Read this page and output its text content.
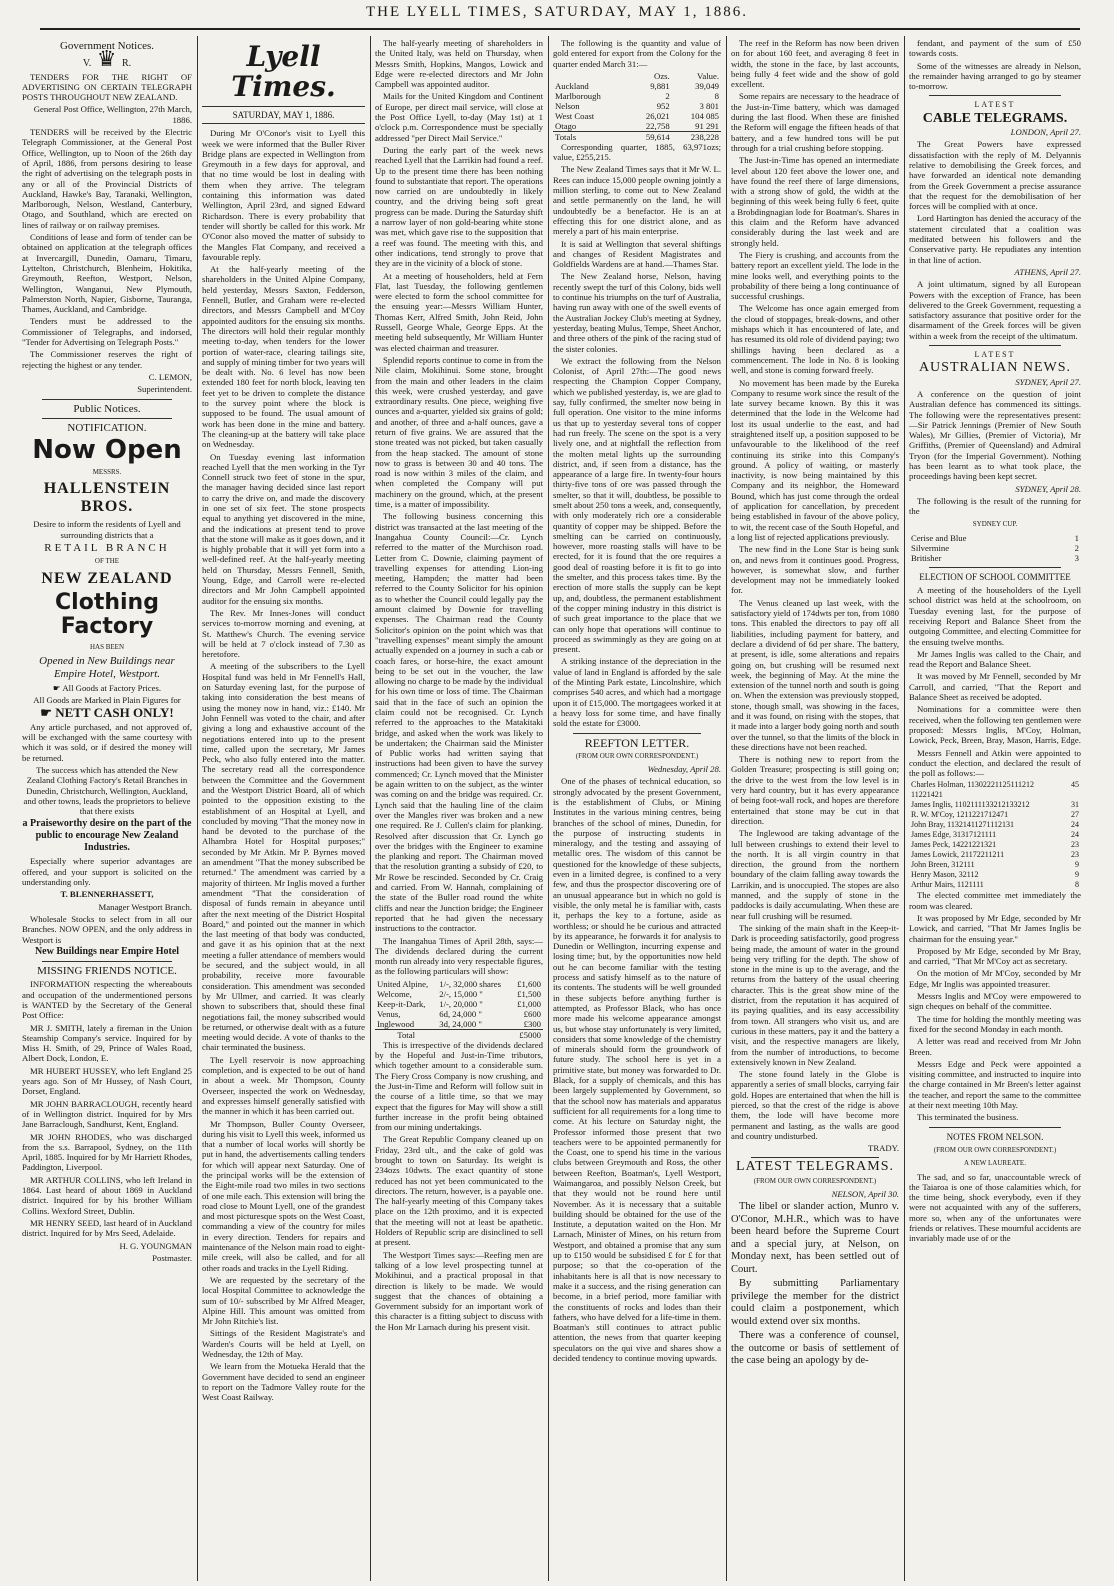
THE LYELL TIMES, SATURDAY, MAY 1, 1886.
Government Notices.
V. ♛ R.

TENDERS FOR THE RIGHT OF ADVERTISING ON CERTAIN TELEGRAPH POSTS THROUGHOUT NEW ZEALAND.

General Post Office, Wellington, 27th March, 1886.

TENDERS will be received by the Electric Telegraph Commissioner, at the General Post Office, Wellington, up to Noon of the 26th day of April, 1886, from persons desiring to lease the right of advertising on the telegraph posts in any or all of the Provincial Districts of Auckland, Hawke's Bay, Taranaki, Wellington, Marlborough, Nelson, Westland, Canterbury, Otago, and Southland, which are erected on lines of railway or on railway premises.

Conditions of lease and form of tender can be obtained on application at the telegraph offices at Invercargill, Dunedin, Oamaru, Timaru, Lyttelton, Christchurch, Blenheim, Hokitika, Greymouth, Reefton, Westport, Nelson, Wellington, Wanganui, New Plymouth, Palmerston North, Napier, Gisborne, Tauranga, Thames, Auckland, and Cambridge.

Tenders must be addressed to the Commissioner of Telegraphs, and indorsed, "Tender for Advertising on Telegraph Posts."

The Commissioner reserves the right of rejecting the highest or any tender.

C. LEMON,

Superintendent.

Public Notices.
NOTIFICATION.
Now Open
MESSRS.
HALLENSTEIN BROS.

Desire to inform the residents of Lyell and surrounding districts that a

RETAIL BRANCH
OF THE
NEW ZEALAND
Clothing Factory
HAS BEEN

Opened in New Buildings near Empire Hotel, Westport.

☛ All Goods at Factory Prices.

All Goods are Marked in Plain Figures for

☛ NETT CASH ONLY!

Any article purchased, and not approved of, will be exchanged with the same courtesy with which it was sold, or if desired the money will be returned.

The success which has attended the New Zealand Clothing Factory's Retail Branches in Dunedin, Christchurch, Wellington, Auckland, and other towns, leads the proprietors to believe that there exists

a Praiseworthy desire on the part of the public to encourage New Zealand Industries.

Especially where superior advantages are offered, and your support is solicited on the understanding only.

T. BLENNERHASSETT,

Manager Westport Branch.

Wholesale Stocks to select from in all our Branches. NOW OPEN, and the only address in Westport is

New Buildings near Empire Hotel

MISSING FRIENDS NOTICE.

INFORMATION respecting the whereabouts and occupation of the undermentioned persons is WANTED by the Secretary of the General Post Office:

MR J. SMITH, lately a fireman in the Union Steamship Company's service. Inquired for by Miss H. Smith, of 29, Prince of Wales Road, Albert Dock, London, E.

MR HUBERT HUSSEY, who left England 25 years ago. Son of Mr Hussey, of Nash Court, Dorset, England.

MR JOHN BARRACLOUGH, recently heard of in Wellington district. Inquired for by Mrs Jane Barraclough, Sandhurst, Kent, England.

MR JOHN RHODES, who was discharged from the s.s. Barrapool, Sydney, on the 11th April, 1885. Inquired for by Mr Harriett Rhodes, Paddington, Liverpool.

MR ARTHUR COLLINS, who left Ireland in 1864. Last heard of about 1869 in Auckland district. Inquired for by his brother William Collins. Wexford Street, Dublin.

MR HENRY SEED, last heard of in Auckland district. Inquired for by Mrs Seed, Adelaide.

H. G. YOUNGMAN

Postmaster.

Lyell Times.
SATURDAY, MAY 1, 1886.

During Mr O'Conor's visit to Lyell this week we were informed that the Buller River Bridge plans are expected in Wellington from Greymouth in a few days for approval, and that no time would be lost in dealing with them when they arrive. The telegram containing this information was dated Wellington, April 23rd, and signed Edward Richardson. There is every probability that tender will shortly be called for this work. Mr O'Conor also moved the matter of subsidy to the Mangles Flat Company, and received a favourable reply.

At the half-yearly meeting of the shareholders in the United Alpine Company, held yesterday, Messrs Saxton, Fedderson, Fennell, Butler, and Graham were re-elected directors, and Messrs Campbell and M'Coy appointed auditors for the ensuing six months. The directors will hold their regular monthly meeting to-day, when tenders for the lower portion of water-race, clearing tailings site, and supply of mining timber for two years will be dealt with. No. 6 level has now been extended 180 feet for north block, leaving ten feet yet to be driven to complete the distance to the survey point where the block is supposed to be found. The usual amount of work has been done in the mine and battery. The cleaning-up at the battery will take place on Wednesday.

On Tuesday evening last information reached Lyell that the men working in the Tyr Connell struck two feet of stone in the spur, the manager having decided since last report to carry the drive on, and made the discovery in one set of six feet. The stone prospects equal to anything yet discovered in the mine, and the indications at present tend to prove that the stone will make as it goes down, and it is highly probable that it will yet form into a well-defined reef. At the half-yearly meeting held on Thursday, Messrs Fennell, Smith, Young, Edge, and Carroll were re-elected directors and Mr John Campbell appointed auditor for the ensuing six months.

The Rev. Mr Innes-Jones will conduct services to-morrow morning and evening, at St. Matthew's Church. The evening service will be held at 7 o'clock instead of 7.30 as heretofore.

A meeting of the subscribers to the Lyell Hospital fund was held in Mr Fennell's Hall, on Saturday evening last, for the purpose of taking into consideration the best means of using the money now in hand, viz.: £140. Mr John Fennell was voted to the chair, and after giving a long and exhaustive account of the negotiations entered into up to the present time, called upon the secretary, Mr James Peck, who also fully entered into the matter. The secretary read all the correspondence between the Committee and the Government and the Westport District Board, all of which pointed to the opposition existing to the establishment of an Hospital at Lyell, and concluded by moving "That the money now in hand be devoted to the purchase of the Alhambra Hotel for Hospital purposes;" seconded by Mr Atkin. Mr P. Byrnes moved an amendment "That the money subscribed be returned." The amendment was carried by a majority of thirteen. Mr Inglis moved a further amendment "That the consideration of disposal of funds remain in abeyance until after the next meeting of the District Hospital Board," and pointed out the manner in which the last meeting of that body was conducted, and gave it as his opinion that at the next meeting a fuller attendance of members would be secured, and the subject would, in all probability, receive more favourable consideration. This amendment was seconded by Mr Ullmer, and carried. It was clearly shown to subscribers that, should these final negotiations fail, the money subscribed would be returned, or otherwise dealt with as a future meeting would decide. A vote of thanks to the chair terminated the business.

The Lyell reservoir is now approaching completion, and is expected to be out of hand in about a week. Mr Thompson, County Overseer, inspected the work on Wednesday, and expresses himself generally satisfied with the manner in which it has been carried out.

Mr Thompson, Buller County Overseer, during his visit to Lyell this week, informed us that a number of local works will shortly be put in hand, the advertisements calling tenders for which will appear next Saturday. One of the principal works will be the extension of the Eight-mile road two miles in two sections of one mile each. This extension will bring the road close to Mount Lyell, one of the grandest and most picturesque spots on the West Coast, commanding a view of the country for miles in every direction. Tenders for repairs and maintenance of the Nelson main road to eight-mile creek, will also be called, and for all other roads and tracks in the Lyell Riding.

We are requested by the secretary of the local Hospital Committee to acknowledge the sum of 10/- subscribed by Mr Alfred Meager, Alpine Hill. This amount was omitted from Mr John Ritchie's list.

Sittings of the Resident Magistrate's and Warden's Courts will be held at Lyell, on Wednesday, the 12th of May.

We learn from the Motueka Herald that the Government have decided to send an engineer to report on the Tadmore Valley route for the West Coast Railway.

The half-yearly meeting of shareholders in the United Italy, was held on Thursday, when Messrs Smith, Hopkins, Mangos, Lowick and Edge were re-elected directors and Mr John Campbell was appointed auditor.

Mails for the United Kingdom and Continent of Europe, per direct mail service, will close at the Post Office Lyell, to-day (May 1st) at 1 o'clock p.m. Correspondence must be specially addressed "per Direct Mail Service."

During the early part of the week news reached Lyell that the Larrikin had found a reef. Up to the present time there has been nothing found to substantiate that report. The operations now carried on are undoubtedly in likely country, and the driving being soft great progress can be made. During the Saturday shift a narrow layer of non gold-bearing white stone was met, which gave rise to the supposition that a reef was found. The meeting with this, and other indications, tend strongly to prove that they are in the vicinity of a block of stone.

At a meeting of householders, held at Fern Flat, last Tuesday, the following gentlemen were elected to form the school committee for the ensuing year:—Messrs William Hunter, Thomas Kerr, Alfred Smith, John Reid, John Russell, George Whale, George Epps. At the meeting held subsequently, Mr William Hunter was elected chairman and treasurer.

Splendid reports continue to come in from the Nile claim, Mokihinui. Some stone, brought from the main and other leaders in the claim this week, were crushed yesterday, and gave extraordinary results. One piece, weighing five ounces and a-quarter, yielded six grains of gold; and another, of three and a-half ounces, gave a return of five grains. We are assured that the stone treated was not picked, but taken casually from the heap stacked. The amount of stone now to grass is between 30 and 40 tons. The road is now within 3 miles of the claim, and when completed the Company will put machinery on the ground, which, at the present time, is a matter of impossibility.

The following business concerning this district was transacted at the last meeting of the Inangahua County Council:—Cr. Lynch referred to the matter of the Murchison road. Letter from C. Downie, claiming payment of travelling expenses for attending Lion-ing meeting, Hampden; the matter had been referred to the County Solicitor for his opinion as to whether the Council could legally pay the amount claimed by Downie for travelling expenses. The Chairman read the County Solicitor's opinion on the point which was that "travelling expenses" meant simply the amount actually expended on a journey in such a cab or coach fares, or horse-hire, the exact amount being to be set out in the voucher, the law allowing no charge to be made by the individual for his own time or loss of time. The Chairman said that in the face of such an opinion the claim could not be recognised. Cr. Lynch referred to the approaches to the Matakitaki bridge, and asked when the work was likely to be undertaken; the Chairman said the Minister of Public works had written saying that instructions had been given to have the survey commenced; Cr. Lynch moved that the Minister be again written to on the subject, as the winter was coming on and the bridge was required. Cr. Lynch said that the hauling line of the claim over the Mangles river was broken and a new one required. Re J. Cullen's claim for planking. Resolved after discussion that Cr. Lynch go over the bridges with the Engineer to examine the planking and report. The Chairman moved that the resolution granting a subsidy of £20, to Mr Rowe be rescinded. Seconded by Cr. Craig and carried. From W. Hannah, complaining of the state of the Buller road round the white cliffs and near the Junction bridge; the Engineer reported that he had given the necessary instructions to the contractor.

The Inangahua Times of April 28th, says:—The dividends declared during the current month run already into very respectable figures, as the following particulars will show:

United Alpine,	1/-, 32,000 shares	£1,600
Welcome,	2/-, 15,000 "	£1,500
Keep-it-Dark,	1/-, 20,000 "	£1,000
Venus,	6d, 24,000 "	£600
Inglewood	3d, 24,000 "	£300
Total		£5000

This is irrespective of the dividends declared by the Hopeful and Just-in-Time tributors, which together amount to a considerable sum. The Fiery Cross Company is now crushing, and the Just-in-Time and Reform will follow suit in the course of a little time, so that we may expect that the figures for May will show a still further increase in the profit being obtained from our mining undertakings.

The Great Republic Company cleaned up on Friday, 23rd ult., and the cake of gold was brought to town on Saturday. Its weight is 234ozs 10dwts. The exact quantity of stone reduced has not yet been communicated to the directors. The return, however, is a payable one. The half-yearly meeting of this Company takes place on the 12th proximo, and it is expected that the meeting will not at least be apathetic. Holders of Republic scrip are disinclined to sell at present.

The Westport Times says:—Reefing men are talking of a low level prospecting tunnel at Mokihinui, and a practical proposal in that direction is likely to be made. We would suggest that the chances of obtaining a Government subsidy for an important work of this character is a fitting subject to discuss with the Hon Mr Larnach during his present visit.

The following is the quantity and value of gold entered for export from the Colony for the quarter ended March 31:—

	Ozs.	Value.
Auckland	9,881	39,049
Marlborough	2	8
Nelson	952	3 801
West Coast	26,021	104 085
Otago	22,758	91 291
Totals	59,614	238,228

Corresponding quarter, 1885, 63,971ozs; value, £255,215.

The New Zealand Times says that it Mr W. L. Rees can induce 15,000 people owning jointly a million sterling, to come out to New Zealand and settle permanently on the land, he will undoubtedly be a benefactor. He is an at effecting this for one district alone, and as merely a part of his main enterprise.

It is said at Wellington that several shiftings and changes of Resident Magistrates and Goldfields Wardens are at hand.—Thames Star.

The New Zealand horse, Nelson, having recently swept the turf of this Colony, bids well to continue his triumphs on the turf of Australia, having run away with one of the swell events of the Australian Jockey Club's meeting at Sydney, yesterday, beating Mulus, Tempe, Sheet Anchor, and three others of the pink of the racing stud of the sister colonies.

We extract the following from the Nelson Colonist, of April 27th:—The good news respecting the Champion Copper Company, which we published yesterday, is, we are glad to say, fully confirmed, the smelter now being in full operation. One visitor to the mine informs us that up to yesterday several tons of copper had run freely. The scene on the spot is a very lively one, and at nightfall the reflection from the molten metal lights up the surrounding district, and, if seen from a distance, has the appearance of a large fire. In twenty-four hours thirty-five tons of ore was passed through the smelter, so that it will, doubtless, be possible to smelt about 250 tons a week, and, consequently, with only moderately rich ore a considerable quantity of copper may be shipped. Before the smelting can be carried on continuously, however, more roasting stalls will have to be erected, for it is found that the ore requires a good deal of roasting before it is fit to go into the smelter, and this process takes time. By the erection of more stalls the supply can be kept up, and, doubtless, the permanent establishment of the copper mining industry in this district is of such great importance to the place that we can only hope that operations will continue to proceed as swimmingly as they are going on at present.

A striking instance of the depreciation in the value of land in England is afforded by the sale of the Minting Park estate, Lincolnshire, which comprises 540 acres, and which had a mortgage upon it of £15,000. The mortgagees worked it at a heavy loss for some time, and have finally sold the estate for £3000.

REEFTON LETTER.
(FROM OUR OWN CORRESPONDENT.)

Wednesday, April 28.

One of the phases of technical education, so strongly advocated by the present Government, is the establishment of Clubs, or Mining Institutes in the various mining centres, being branches of the school of mines, Dunedin, for the purpose of instructing students in mineralogy, and the testing and assaying of metallic ores. The wisdom of this cannot be questioned for the knowledge of these subjects, even in a limited degree, is confined to a very few, and thus the prospector discovering ore of an unusual appearance but in which no gold is visible, the only metal he is familiar with, casts it, perhaps the key to a fortune, aside as worthless; or should he be curious and attracted by its appearance, he forwards it for analysis to Dunedin or Wellington, incurring expense and losing time; but, by the opportunities now held out he can become familiar with the testing process and satisfy himself as to the nature of its contents. The students will be well grounded in these subjects before anything further is attempted, as Professor Black, who has once more made his welcome appearance amongst us, but whose stay unfortunately is very limited, considers that some knowledge of the chemistry of minerals should form the groundwork of future study. The school here is yet in a primitive state, but money was forwarded to Dr. Black, for a supply of chemicals, and this has been largely supplemented by Government, so that the school now has materials and apparatus sufficient for all requirements for a long time to come. At his lecture on Saturday night, the Professor informed those present that two teachers were to be appointed permanently for the Coast, one to spend his time in the various clubs between Greymouth and Ross, the other between Reefton, Boatman's, Lyell Westport, Waimangaroa, and possibly Nelson Creek, but that they would not be round here until November. As it is necessary that a suitable building should be obtained for the use of the Institute, a deputation waited on the Hon. Mr Larnach, Minister of Mines, on his return from Westport, and obtained a promise that any sum up to £150 would be subsidised £ for £ for that purpose; so that the co-operation of the inhabitants here is all that is now necessary to make it a success, and the rising generation can become, in a brief period, more familiar with the constituents of rocks and lodes than their fathers, who have delved for a life-time in them. Boatman's still continues to attract public attention, the news from that quarter keeping speculators on the qui vive and shares show a decided tendency to continue moving upwards.

The reef in the Reform has now been driven on for about 160 feet, and averaging 8 feet in width, the stone in the face, by last accounts, being fully 4 feet wide and the show of gold excellent.

Some repairs are necessary to the headrace of the Just-in-Time battery, which was damaged during the last flood. When these are finished the Reform will engage the fifteen heads of that battery, and a few hundred tons will be put through for a trial crushing before stopping.

The Just-in-Time has opened an intermediate level about 120 feet above the lower one, and have found the reef there of large dimensions, with a strong show of gold, the width at the beginning of this week being fully 6 feet, quite a Brobdingnagian lode for Boatman's. Shares in this claim and the Reform have advanced considerably during the last week and are strongly held.

The Fiery is crushing, and accounts from the battery report an excellent yield. The lode in the mine looks well, and everything points to the probability of there being a long continuance of successful crushings.

The Welcome has once again emerged from the cloud of stoppages, break-downs, and other mishaps which it has encountered of late, and has resumed its old role of dividend paying; two shillings having been declared as a commencement. The lode in No. 8 is looking well, and stone is coming forward freely.

No movement has been made by the Eureka Company to resume work since the result of the late survey became known. By this it was determined that the lode in the Welcome had lost its usual underlie to the east, and had straightened itself up, a position supposed to be unfavourable to the likelihood of the reef continuing its strike into this Company's ground. A policy of waiting, or masterly inactivity, is now being maintained by this Company and its neighbor, the Homeward Bound, which has just come through the ordeal of application for cancellation, by precedent being established in favour of the above policy, to wit, the recent case of the South Hopeful, and a long list of rejected applications previously.

The new find in the Lone Star is being sunk on, and news from it continues good. Progress, however, is somewhat slow, and further development may not be immediately looked for.

The Venus cleaned up last week, with the satisfactory yield of 174dwts per ton, from 1080 tons. This enabled the directors to pay off all liabilities, including payment for battery, and declare a dividend of 6d per share. The battery, at present, is idle, some alterations and repairs going on, but crushing will be resumed next week, the beginning of May. At the mine the extension of the tunnel north and south is going on. When the extension was previously stopped, stone, though small, was showing in the faces, and it was found, on rising with the stopes, that it made into a larger body going north and south over the tunnel, so that the limits of the block in these directions have not been reached.

There is nothing new to report from the Golden Treasure; prospecting is still going on; the drive to the west from the low level is in very hard country, but it has every appearance of being foot-wall rock, and hopes are therefore entertained that stone may be cut in that direction.

The Inglewood are taking advantage of the lull between crushings to extend their level to the north. It is all virgin country in that direction, the ground from the northern boundary of the claim falling away towards the Larrikin, and is unoccupied. The stopes are also manned, and the supply of stone in the paddocks is daily accumulating. When these are near full crushing will be resumed.

The sinking of the main shaft in the Keep-it-Dark is proceeding satisfactorily, good progress being made, the amount of water in the ground being very trifling for the depth. The show of stone in the mine is up to the average, and the returns from the battery of the usual cheering character. This is the great show mine of the district, from the reputation it has acquired of its paying qualities, and its easy accessibility from town. All strangers who visit us, and are curious in these matters, pay it and the battery a visit, and the respective managers are likely, from the number of introductions, to become extensively known in New Zealand.

The stone found lately in the Globe is apparently a series of small blocks, carrying fair gold. Hopes are entertained that when the hill is pierced, so that the crest of the ridge is above them, the lode will have become more permanent and lasting, as the walls are good and country undisturbed.

TRADY.

LATEST TELEGRAMS.
(FROM OUR OWN CORRESPONDENT.)

NELSON, April 30.

The libel or slander action, Munro v. O'Conor, M.H.R., which was to have been heard before the Supreme Court and a special jury, at Nelson, on Monday next, has been settled out of Court.

By submitting Parliamentary privilege the member for the district could claim a postponement, which would extend over six months.

There was a conference of counsel, the outcome or basis of settlement of the case being an apology by de-

fendant, and payment of the sum of £50 towards costs.

Some of the witnesses are already in Nelson, the remainder having arranged to go by steamer to-morrow.

LATEST
CABLE TELEGRAMS.

LONDON, April 27.

The Great Powers have expressed dissatisfaction with the reply of M. Delyannis relative to demobilising the Greek forces, and have forwarded an identical note demanding from the Greek Government a precise assurance that the request for the demobilisation of her forces will be complied with at once.

Lord Hartington has denied the accuracy of the statement circulated that a coalition was meditated between his followers and the Conservative party. He repudiates any intention in that line of action.

ATHENS, April 27.

A joint ultimatum, signed by all European Powers with the exception of France, has been delivered to the Greek Government, requesting a satisfactory assurance that positive order for the disarmament of the Greek forces will be given within a week from the receipt of the ultimatum.

LATEST
AUSTRALIAN NEWS.

SYDNEY, April 27.

A conference on the question of joint Australian defence has commenced its sittings. The following were the representatives present:—Sir Patrick Jennings (Premier of New South Wales), Mr Gillies, (Premier of Victoria), Mr Griffiths, (Premier of Queensland) and Admiral Tryon (for the Imperial Government). Nothing has been learnt as to what took place, the proceedings having been kept secret.

SYDNEY, April 28.

The following is the result of the running for the

SYDNEY CUP.
Cerise and Blue	1
Silvermine	2
Britisher	3
ELECTION OF SCHOOL COMMITTEE

A meeting of the householders of the Lyell school district was held at the schoolroom, on Tuesday evening last, for the purpose of receiving Report and Balance Sheet from the outgoing Committee, and electing Committee for the ensuing twelve months.

Mr James Inglis was called to the Chair, and read the Report and Balance Sheet.

It was moved by Mr Fennell, seconded by Mr Carroll, and carried, "That the Report and Balance Sheet as received be adopted.

Nominations for a committee were then received, when the following ten gentlemen were proposed: Messrs Inglis, M'Coy, Holman, Lowick, Peck, Breen, Bray, Mason, Harris, Edge.

Messrs Fennell and Atkin were appointed to conduct the election, and declared the result of the poll as follows:—

Charles Holman, 11302221125111212	45
11221421	
James Inglis, 1102111133212133212	31
R. W. M'Coy, 1211221712471	27
John Bray, 11321411271112131	24
James Edge, 31317121111	24
James Peck, 14221221321	23
James Lowick, 21172211211	23
John Breen, 312111	9
Henry Mason, 32112	9
Arthur Mairs, 1121111	8

The elected committee met immediately the room was cleared.

It was proposed by Mr Edge, seconded by Mr Lowick, and carried, "That Mr James Inglis be chairman for the ensuing year."

Proposed by Mr Edge, seconded by Mr Bray, and carried, "That Mr M'Coy act as secretary.

On the motion of Mr M'Coy, seconded by Mr Edge, Mr Inglis was appointed treasurer.

Messrs Inglis and M'Coy were empowered to sign cheques on behalf of the committee.

The time for holding the monthly meeting was fixed for the second Monday in each month.

A letter was read and received from Mr John Breen.

Messrs Edge and Peck were appointed a visiting committee, and instructed to inquire into the charge contained in Mr Breen's letter against the teacher, and report the same to the committee at their next meeting 10th May.

This terminated the business.

NOTES FROM NELSON.
(FROM OUR OWN CORRESPONDENT.)
A NEW LAUREATE.

The sad, and so far, unaccountable wreck of the Taiaroa is one of those calamities which, for the time being, shock everybody, even if they were not acquainted with any of the sufferers, more so, when any of the unfortunates were friends or relatives. These mournful accidents are invariably made use of or the
